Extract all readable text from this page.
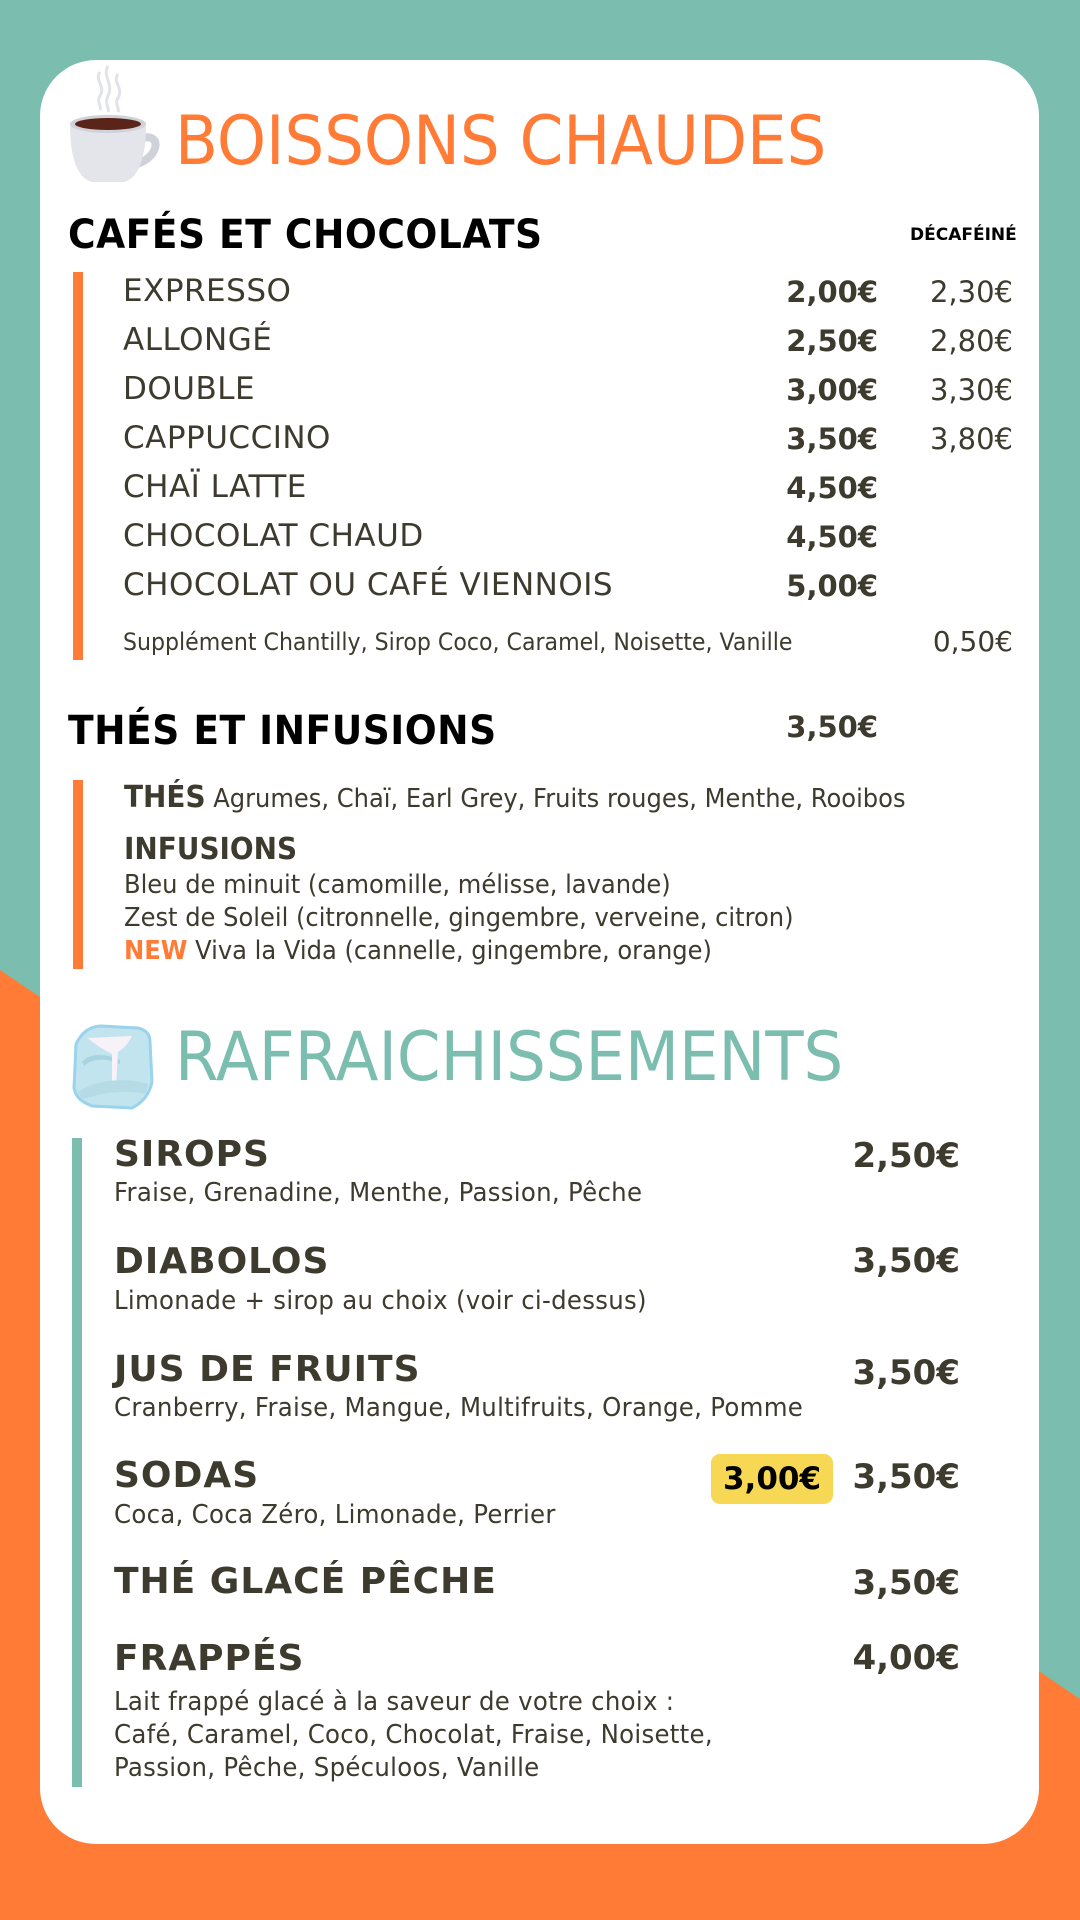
BOISSONS CHAUDES
CAFÉS ET CHOCOLATS	DÉCAFÉINÉ
EXPRESSO	2,00€	2,30€
ALLONGÉ	2,50€	2,80€
DOUBLE	3,00€	3,30€
CAPPUCCINO	3,50€	3,80€
CHAÏ LATTE	4,50€
CHOCOLAT CHAUD	4,50€
CHOCOLAT OU CAFÉ VIENNOIS	5,00€
Supplément Chantilly, Sirop Coco, Caramel, Noisette, Vanille	0,50€
THÉS ET INFUSIONS	3,50€
THÉS Agrumes, Chaï, Earl Grey, Fruits rouges, Menthe, Rooibos
INFUSIONS
Bleu de minuit (camomille, mélisse, lavande)
Zest de Soleil (citronnelle, gingembre, verveine, citron)
NEW Viva la Vida (cannelle, gingembre, orange)
RAFRAICHISSEMENTS
SIROPS	2,50€
Fraise, Grenadine, Menthe, Passion, Pêche
DIABOLOS	3,50€
Limonade + sirop au choix (voir ci-dessus)
JUS DE FRUITS	3,50€
Cranberry, Fraise, Mangue, Multifruits, Orange, Pomme
SODAS	3,00€ 3,50€
Coca, Coca Zéro, Limonade, Perrier
THÉ GLACÉ PÊCHE	3,50€
FRAPPÉS	4,00€
Lait frappé glacé à la saveur de votre choix :
Café, Caramel, Coco, Chocolat, Fraise, Noisette,
Passion, Pêche, Spéculoos, Vanille
